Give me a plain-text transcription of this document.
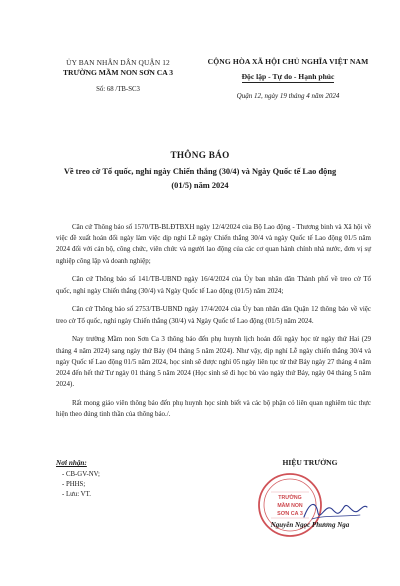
ỦY BAN NHÂN DÂN QUẬN 12
TRƯỜNG MẦM NON SƠN CA 3
Số: 68 /TB-SC3
CỘNG HÒA XÃ HỘI CHỦ NGHĨA VIỆT NAM
Độc lập - Tự do - Hạnh phúc
Quận 12, ngày 19 tháng 4 năm 2024
THÔNG BÁO
Về treo cờ Tổ quốc, nghỉ ngày Chiến thắng (30/4) và Ngày Quốc tế Lao động (01/5) năm 2024

Căn cứ Thông báo số 1570/TB-BLĐTBXH ngày 12/4/2024 của Bộ Lao động - Thương binh và Xã hội về việc đề xuất hoán đổi ngày làm việc dịp nghỉ Lễ ngày Chiến thắng 30/4 và ngày Quốc tế Lao động 01/5 năm 2024 đối với cán bộ, công chức, viên chức và người lao động của các cơ quan hành chính nhà nước, đơn vị sự nghiệp công lập và doanh nghiệp;

Căn cứ Thông báo số 141/TB-UBND ngày 16/4/2024 của Ủy ban nhân dân Thành phố về treo cờ Tổ quốc, nghỉ ngày Chiến thắng (30/4) và Ngày Quốc tế Lao động (01/5) năm 2024;

Căn cứ Thông báo số 2753/TB-UBND ngày 17/4/2024 của Ủy ban nhân dân Quận 12 thông báo về việc treo cờ Tổ quốc, nghỉ ngày Chiến thắng (30/4) và Ngày Quốc tế Lao động (01/5) năm 2024.

Nay trường Mầm non Sơn Ca 3 thông báo đến phụ huynh lịch hoán đổi ngày học từ ngày thứ Hai (29 tháng 4 năm 2024) sang ngày thứ Bảy (04 tháng 5 năm 2024). Như vậy, dịp nghỉ Lễ ngày chiến thắng 30/4 và ngày Quốc tế Lao động 01/5 năm 2024, học sinh sẽ được nghỉ 05 ngày liên tục từ thứ Bảy ngày 27 tháng 4 năm 2024 đến hết thứ Tư ngày 01 tháng 5 năm 2024 (Học sinh sẽ đi học bù vào ngày thứ Bảy, ngày 04 tháng 5 năm 2024).

Rất mong giáo viên thông báo đến phụ huynh học sinh biết và các bộ phận có liên quan nghiêm túc thực hiện theo đúng tinh thần của thông báo./.

Nơi nhận:
- CB-GV-NV;
- PHHS;
- Lưu: VT.	TRƯỜNG
MẦM NON
SƠN CA 3
HIỆU TRƯỞNG
Nguyễn Ngọc Phương Nga
